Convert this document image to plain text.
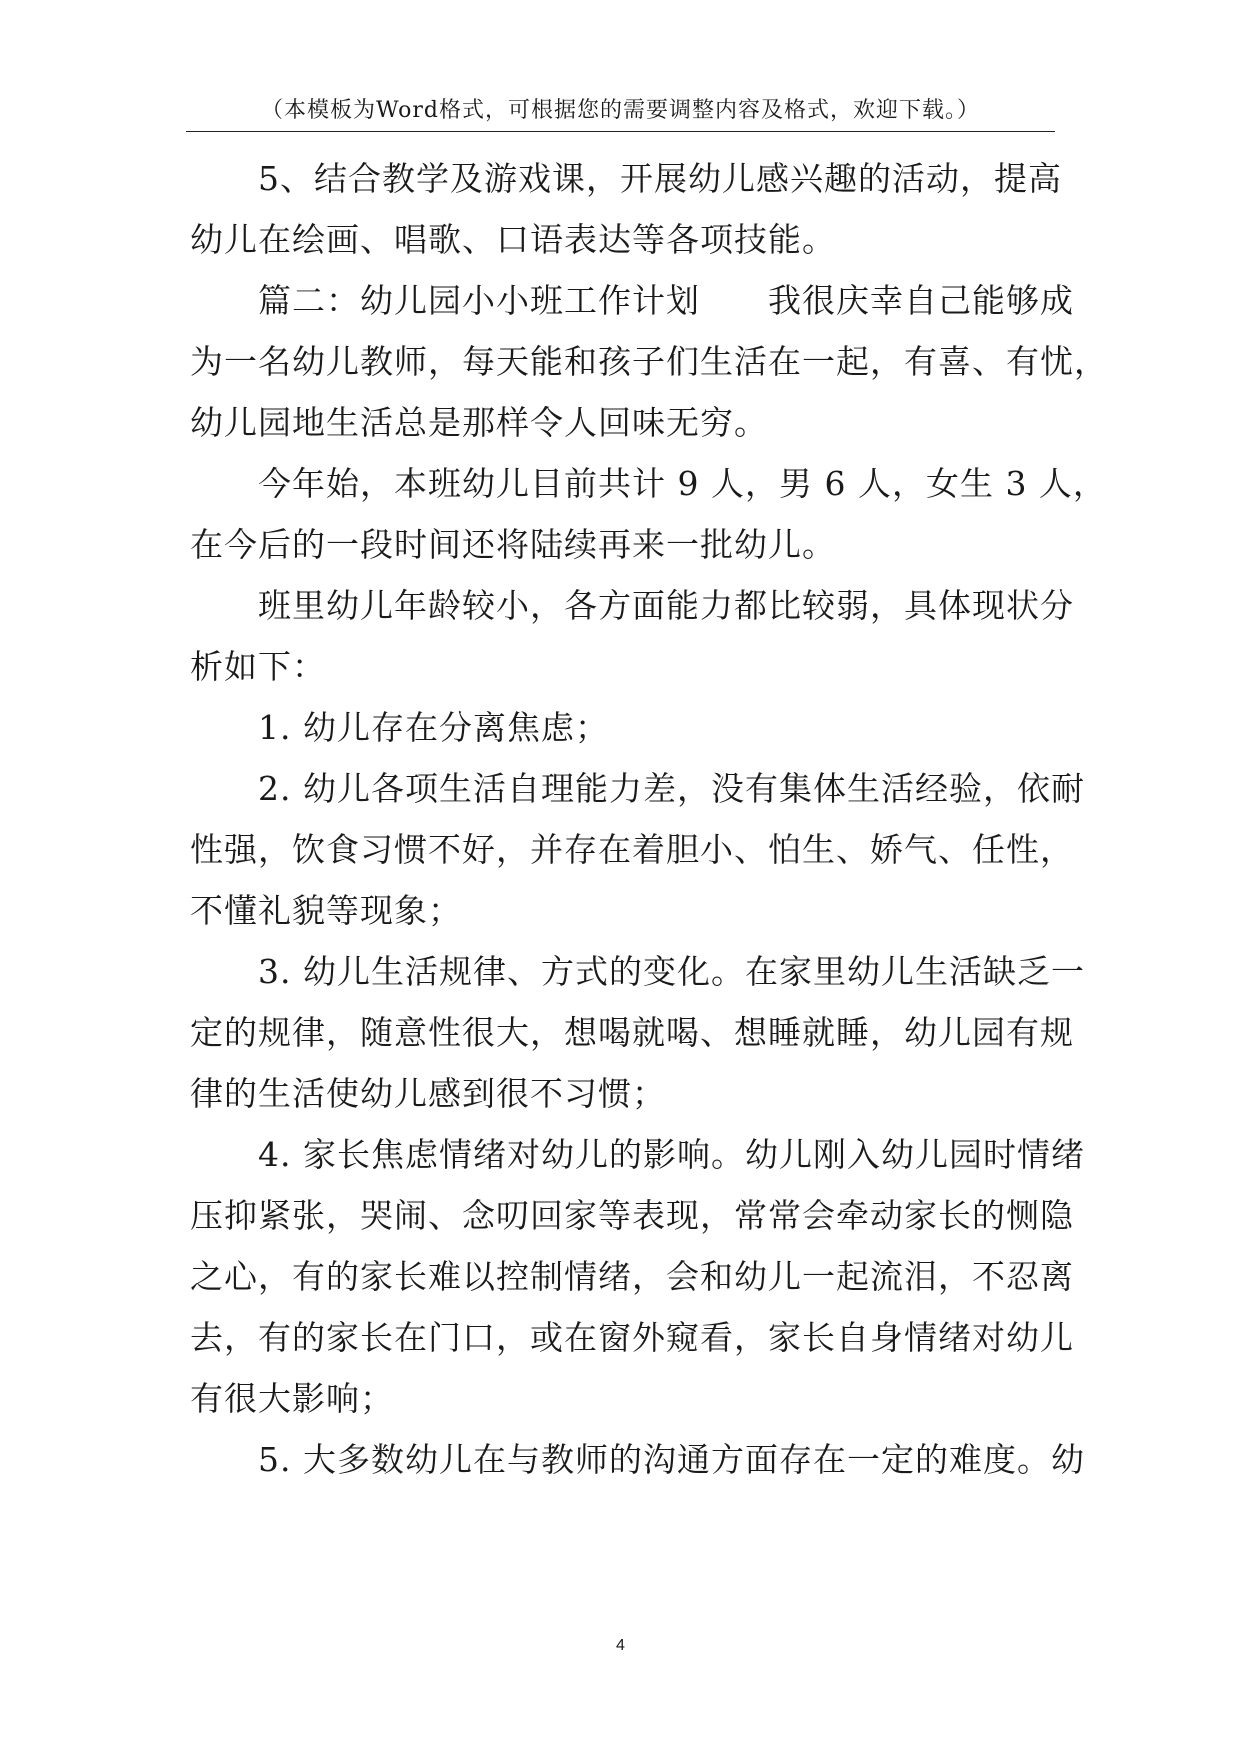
（本模板为Word格式，可根据您的需要调整内容及格式，欢迎下载。）
5、结合教学及游戏课，开展幼儿感兴趣的活动，提高
幼儿在绘画、唱歌、口语表达等各项技能。
篇二：幼儿园小小班工作计划　　我很庆幸自己能够成
为一名幼儿教师，每天能和孩子们生活在一起，有喜、有忧，
幼儿园地生活总是那样令人回味无穷。
今年始，本班幼儿目前共计 9 人，男 6 人，女生 3 人，
在今后的一段时间还将陆续再来一批幼儿。
班里幼儿年龄较小，各方面能力都比较弱，具体现状分
析如下：
1. 幼儿存在分离焦虑；
2. 幼儿各项生活自理能力差，没有集体生活经验，依耐
性强，饮食习惯不好，并存在着胆小、怕生、娇气、任性，
不懂礼貌等现象；
3. 幼儿生活规律、方式的变化。在家里幼儿生活缺乏一
定的规律，随意性很大，想喝就喝、想睡就睡，幼儿园有规
律的生活使幼儿感到很不习惯；
4. 家长焦虑情绪对幼儿的影响。幼儿刚入幼儿园时情绪
压抑紧张，哭闹、念叨回家等表现，常常会牵动家长的恻隐
之心，有的家长难以控制情绪，会和幼儿一起流泪，不忍离
去，有的家长在门口，或在窗外窥看，家长自身情绪对幼儿
有很大影响；
5. 大多数幼儿在与教师的沟通方面存在一定的难度。幼
4
